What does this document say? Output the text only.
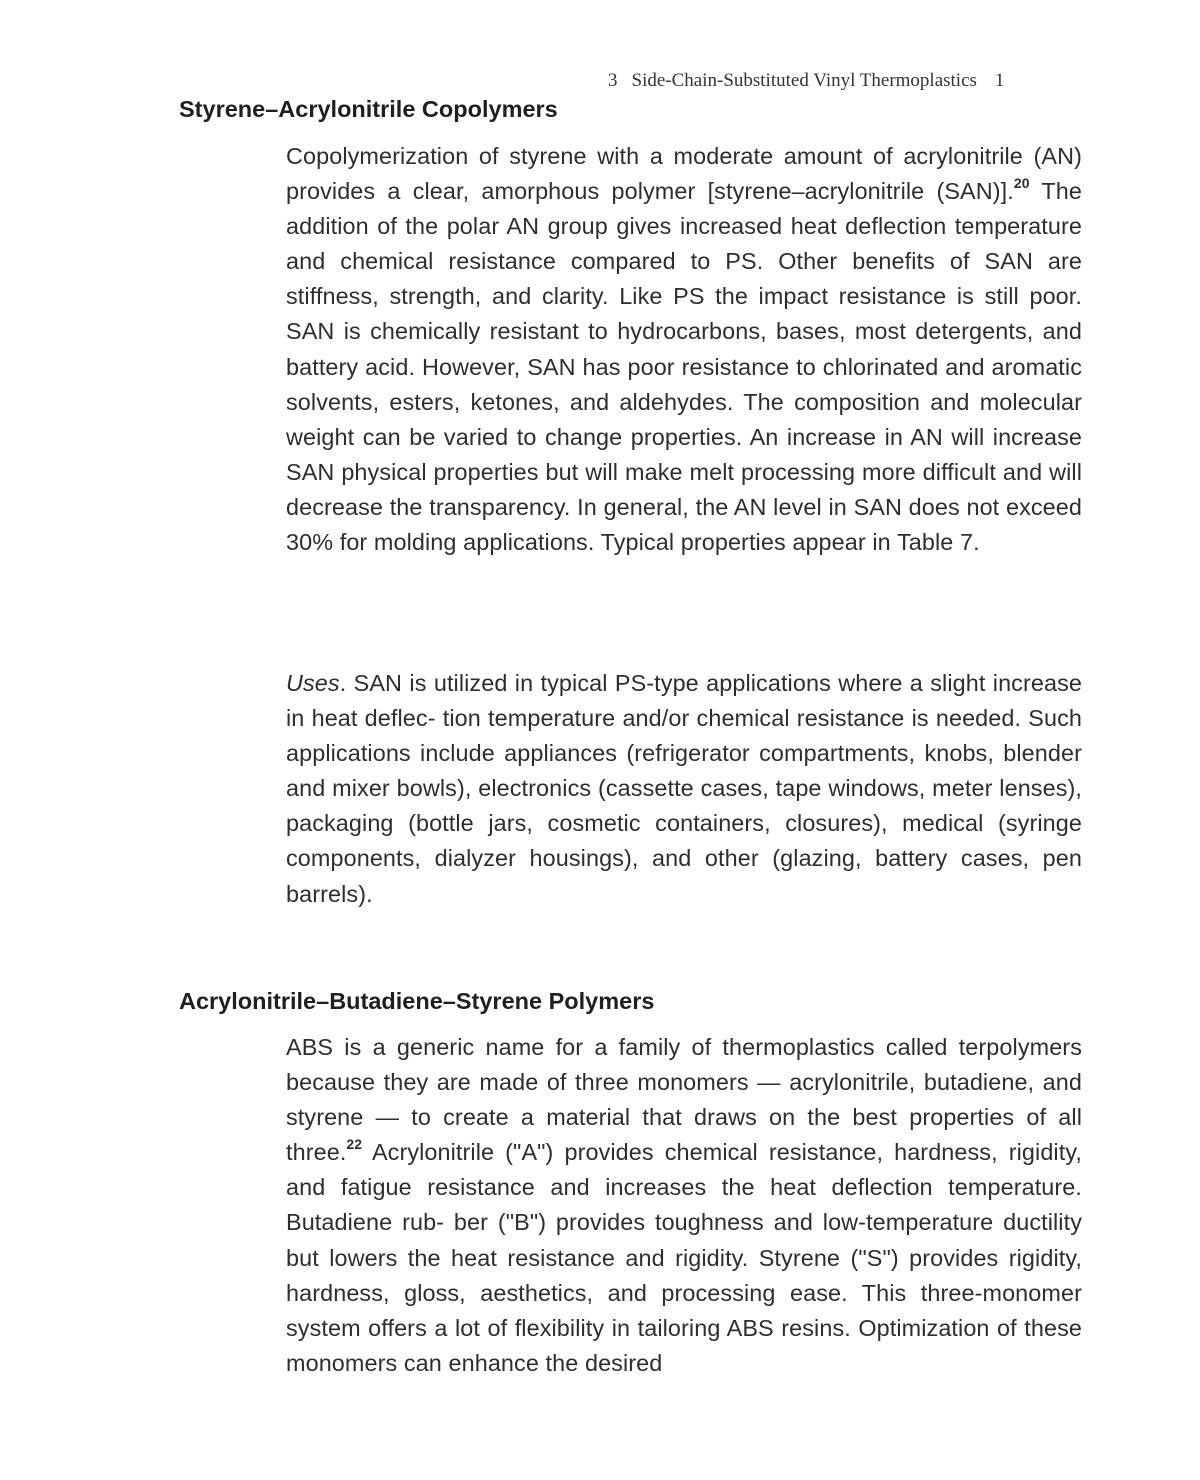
3 Side-Chain-Substituted Vinyl Thermoplastics 1
Styrene–Acrylonitrile Copolymers

Copolymerization of styrene with a moderate amount of acrylonitrile (AN) provides a clear, amorphous polymer [styrene–acrylonitrile (SAN)].$^{20}$ The addition of the polar AN group gives increased heat deflection temperature and chemical resistance compared to PS. Other benefits of SAN are stiffness, strength, and clarity. Like PS the impact resistance is still poor. SAN is chemically resistant to hydrocarbons, bases, most detergents, and battery acid. However, SAN has poor resistance to chlorinated and aromatic solvents, esters, ketones, and aldehydes. The composition and molecular weight can be varied to change properties. An increase in AN will increase SAN physical properties but will make melt processing more difficult and will decrease the transparency. In general, the AN level in SAN does not exceed 30% for molding applications. Typical properties appear in Table 7.

Uses. SAN is utilized in typical PS-type applications where a slight increase in heat deflec- tion temperature and/or chemical resistance is needed. Such applications include appliances (refrigerator compartments, knobs, blender and mixer bowls), electronics (cassette cases, tape windows, meter lenses), packaging (bottle jars, cosmetic containers, closures), medical (syringe components, dialyzer housings), and other (glazing, battery cases, pen barrels).

Acrylonitrile–Butadiene–Styrene Polymers

ABS is a generic name for a family of thermoplastics called terpolymers because they are made of three monomers — acrylonitrile, butadiene, and styrene — to create a material that draws on the best properties of all three.$^{22}$ Acrylonitrile ("A") provides chemical resistance, hardness, rigidity, and fatigue resistance and increases the heat deflection temperature. Butadiene rub- ber ("B") provides toughness and low-temperature ductility but lowers the heat resistance and rigidity. Styrene ("S") provides rigidity, hardness, gloss, aesthetics, and processing ease. This three-monomer system offers a lot of flexibility in tailoring ABS resins. Optimization of these monomers can enhance the desired
